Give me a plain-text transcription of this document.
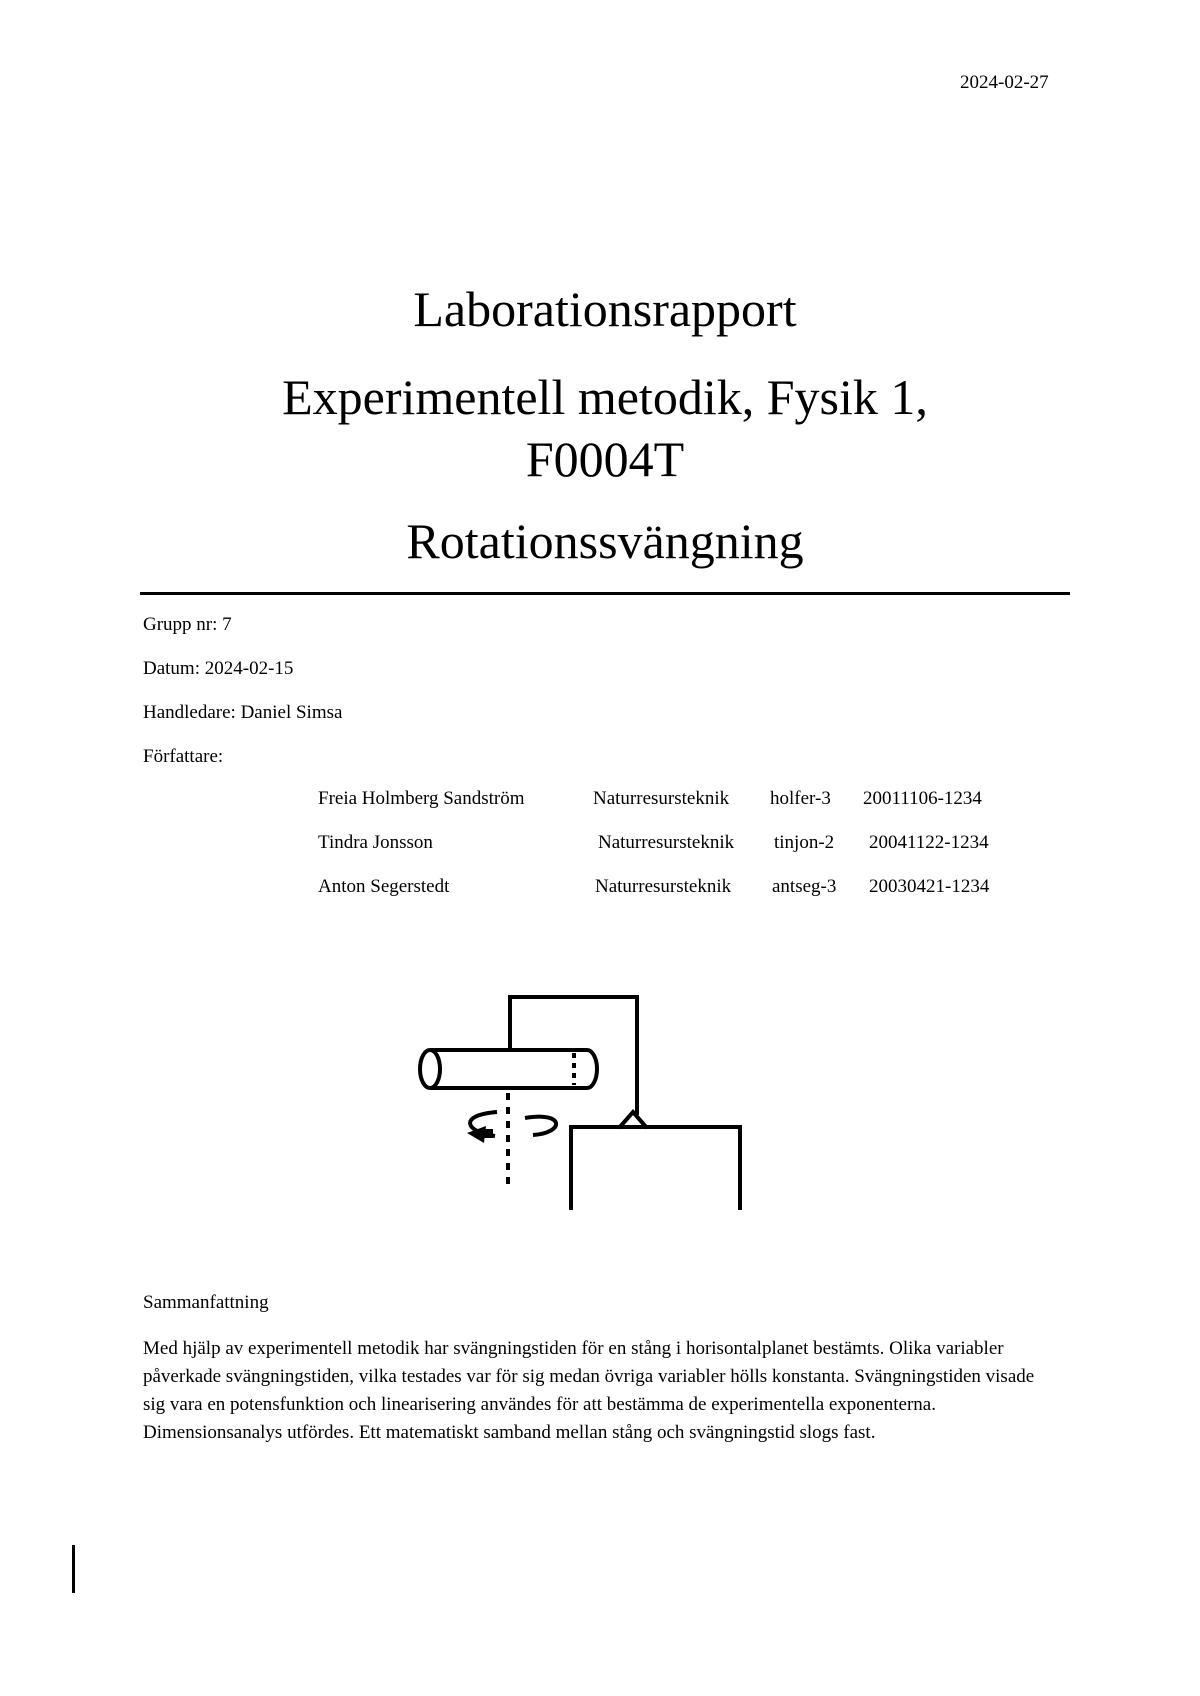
2024-02-27

Laborationsrapport

Experimentell metodik, Fysik 1,

F0004T

Rotationssvängning

Grupp nr: 7
Datum: 2024-02-15
Handledare: Daniel Simsa
Författare:
Freia Holmberg Sandström	Naturresursteknik holfer-3 20011106-1234
Tindra Jonsson	Naturresursteknik tinjon-2 20041122-1234
Anton Segerstedt	Naturresursteknik antseg-3 20030421-1234
Sammanfattning
Med hjälp av experimentell metodik har svängningstiden för en stång i horisontalplanet bestämts. Olika variabler påverkade svängningstiden, vilka testades var för sig medan övriga variabler hölls konstanta. Svängningstiden visade sig vara en potensfunktion och linearisering användes för att bestämma de experimentella exponenterna. Dimensionsanalys utfördes. Ett matematiskt samband mellan stång och svängningstid slogs fast.
